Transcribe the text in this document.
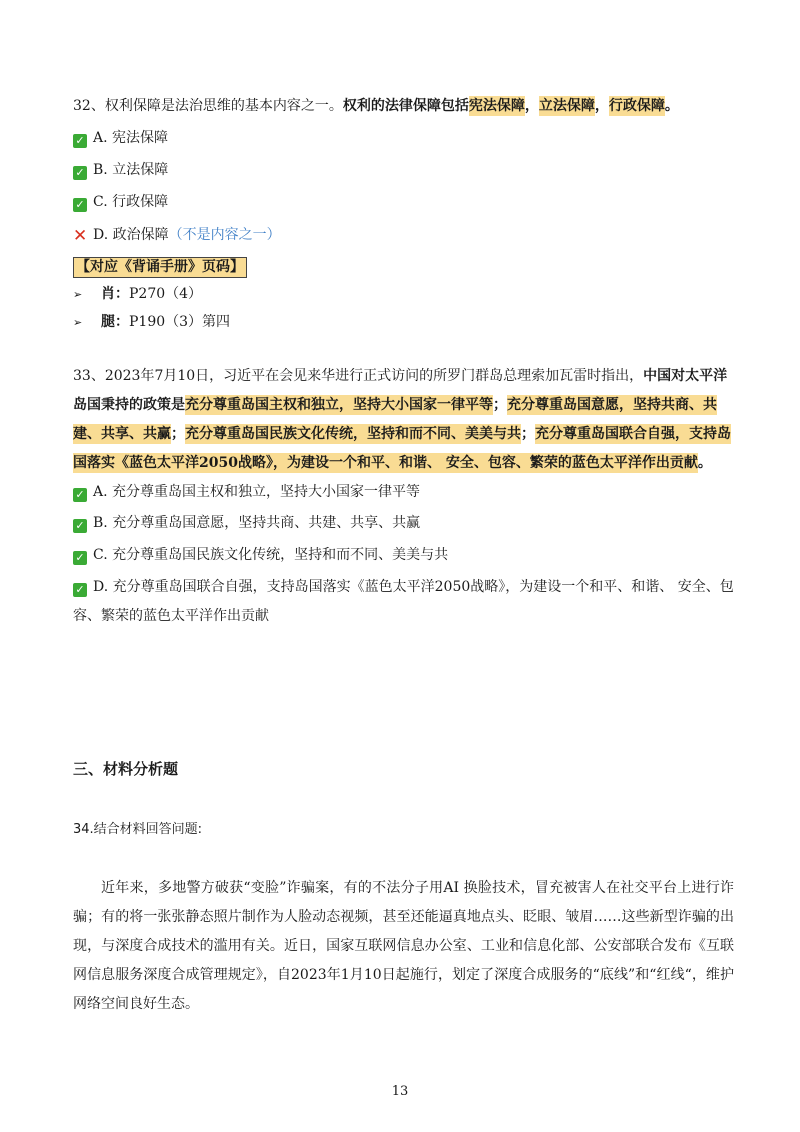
32、权利保障是法治思维的基本内容之一。权利的法律保障包括宪法保障，立法保障，行政保障。
✓ A. 宪法保障
✓ B. 立法保障
✓ C. 行政保障
✕ D. 政治保障（不是内容之一）
【对应《背诵手册》页码】
➢ 肖：P270（4）
➢ 腿：P190（3）第四
33、2023年7月10日，习近平在会见来华进行正式访问的所罗门群岛总理索加瓦雷时指出，中国对太平洋岛国秉持的政策是充分尊重岛国主权和独立，坚持大小国家一律平等；充分尊重岛国意愿，坚持共商、共建、共享、共赢；充分尊重岛国民族文化传统，坚持和而不同、美美与共；充分尊重岛国联合自强，支持岛国落实《蓝色太平洋2050战略》，为建设一个和平、和谐、 安全、包容、繁荣的蓝色太平洋作出贡献。
✓ A. 充分尊重岛国主权和独立，坚持大小国家一律平等
✓ B. 充分尊重岛国意愿，坚持共商、共建、共享、共赢
✓ C. 充分尊重岛国民族文化传统，坚持和而不同、美美与共
✓ D. 充分尊重岛国联合自强，支持岛国落实《蓝色太平洋2050战略》，为建设一个和平、和谐、 安全、包容、繁荣的蓝色太平洋作出贡献
三、材料分析题
34.结合材料回答问题:
近年来，多地警方破获“变脸”诈骗案，有的不法分子用AI 换脸技术，冒充被害人在社交平台上进行诈骗；有的将一张张静态照片制作为人脸动态视频，甚至还能逼真地点头、眨眼、皱眉……这些新型诈骗的出现，与深度合成技术的滥用有关。近日，国家互联网信息办公室、工业和信息化部、公安部联合发布《互联网信息服务深度合成管理规定》，自2023年1月10日起施行，划定了深度合成服务的“底线”和“红线“，维护网络空间良好生态。
13
